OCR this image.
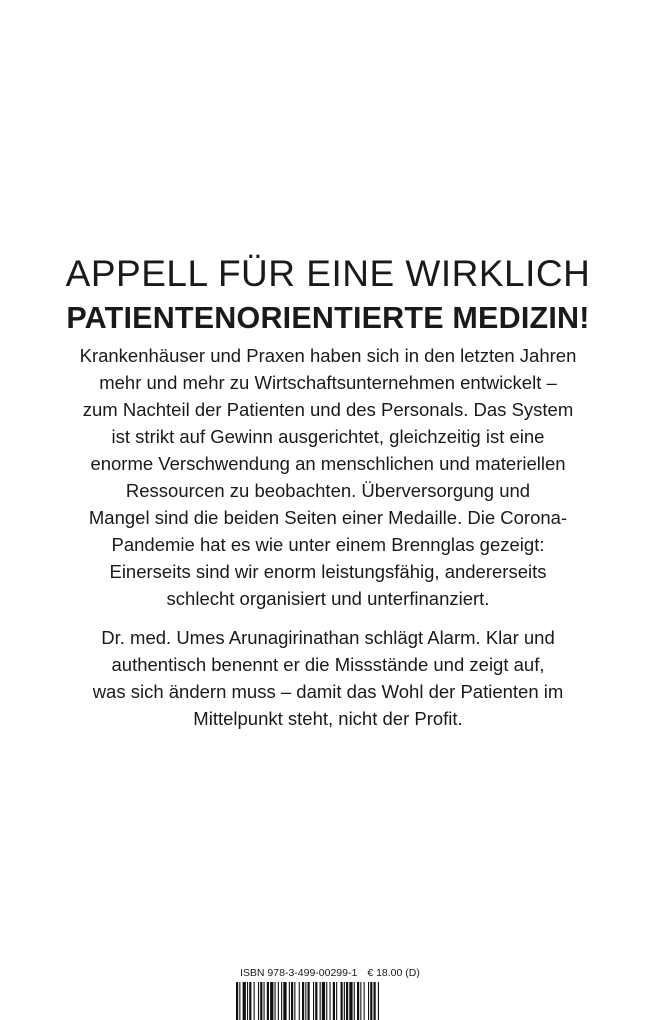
APPELL FÜR EINE WIRKLICH
PATIENTENORIENTIERTE MEDIZIN!
Krankenhäuser und Praxen haben sich in den letzten Jahren
mehr und mehr zu Wirtschaftsunternehmen entwickelt –
zum Nachteil der Patienten und des Personals. Das System
ist strikt auf Gewinn ausgerichtet, gleichzeitig ist eine
enorme Verschwendung an menschlichen und materiellen
Ressourcen zu beobachten. Überversorgung und
Mangel sind die beiden Seiten einer Medaille. Die Corona-
Pandemie hat es wie unter einem Brennglas gezeigt:
Einerseits sind wir enorm leistungsfähig, andererseits
schlecht organisiert und unterfinanziert.
Dr. med. Umes Arunagirinathan schlägt Alarm. Klar und
authentisch benennt er die Missstände und zeigt auf,
was sich ändern muss – damit das Wohl der Patienten im
Mittelpunkt steht, nicht der Profit.
ISBN 978-3-499-00299-1 € 18.00 (D)
